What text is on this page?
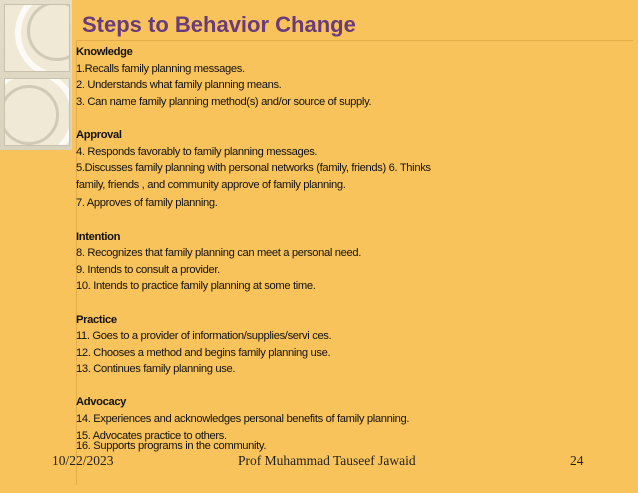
Steps to Behavior Change
Knowledge
1.Recalls family planning messages.
2. Understands what family planning means.
3. Can name family planning method(s) and/or source of supply.
Approval
4. Responds favorably to family planning messages.
5.Discusses family planning with personal networks (family, friends) 6. Thinks
family, friends , and community approve of family planning.
7. Approves of family planning.
Intention
8. Recognizes that family planning can meet a personal need.
9. Intends to consult a provider.
10. Intends to practice family planning at some time.
Practice
11. Goes to a provider of information/supplies/servi ces.
12. Chooses a method and begins family planning use.
13. Continues family planning use.
Advocacy
14. Experiences and acknowledges personal benefits of family planning.
15. Advocates practice to others.
16. Supports programs in the community.
10/22/2023	Prof Muhammad Tauseef Jawaid	24
